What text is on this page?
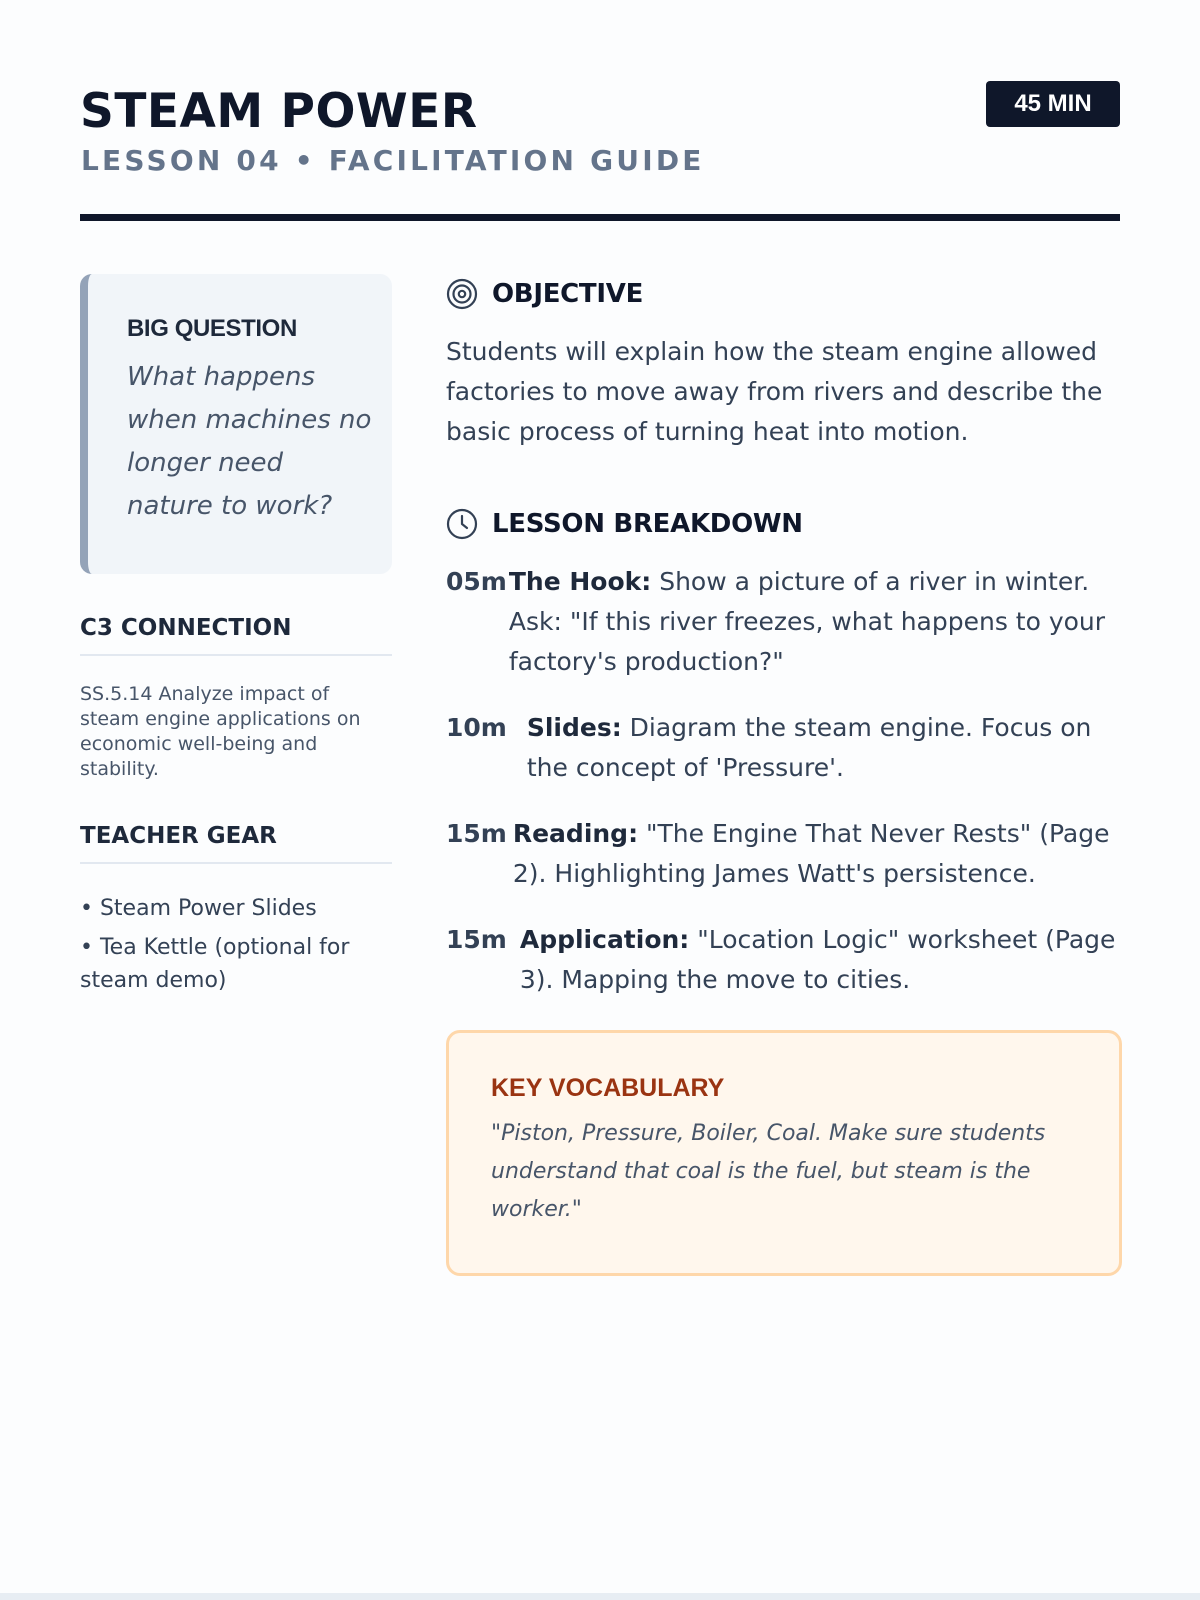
STEAM POWER
LESSON 04 • FACILITATION GUIDE
45 MIN
BIG QUESTION
What happens when machines no longer need nature to work?
C3 CONNECTION
SS.5.14 Analyze impact of steam engine applications on economic well-being and stability.
TEACHER GEAR
• Steam Power Slides
• Tea Kettle (optional for steam demo)
OBJECTIVE
Students will explain how the steam engine allowed factories to move away from rivers and describe the basic process of turning heat into motion.
LESSON BREAKDOWN
05m The Hook: Show a picture of a river in winter. Ask: "If this river freezes, what happens to your factory's production?"
10m Slides: Diagram the steam engine. Focus on the concept of 'Pressure'.
15m Reading: "The Engine That Never Rests" (Page 2). Highlighting James Watt's persistence.
15m Application: "Location Logic" worksheet (Page 3). Mapping the move to cities.
KEY VOCABULARY
"Piston, Pressure, Boiler, Coal. Make sure students understand that coal is the fuel, but steam is the worker."
